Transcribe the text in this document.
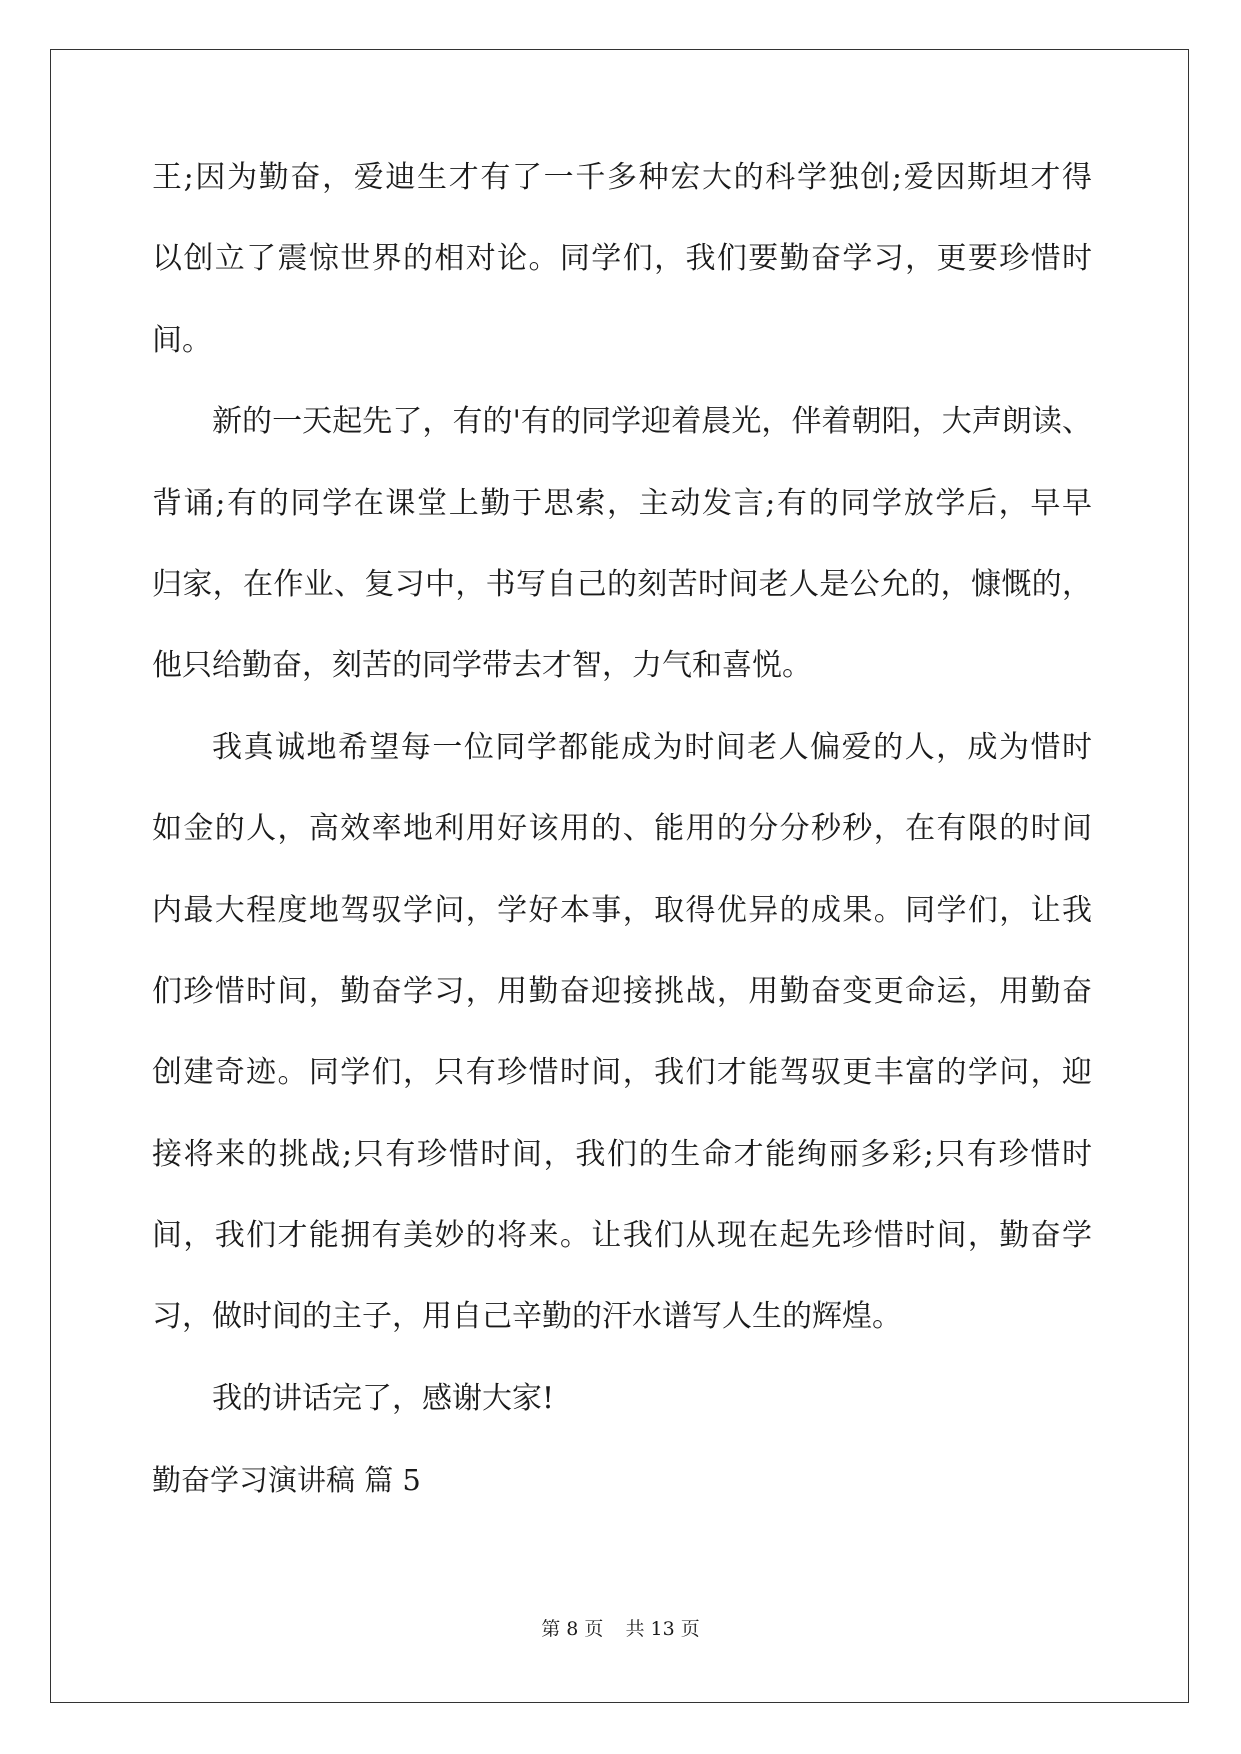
王;因为勤奋，爱迪生才有了一千多种宏大的科学独创;爱因斯坦才得
以创立了震惊世界的相对论。同学们，我们要勤奋学习，更要珍惜时
间。
新的一天起先了，有的'有的同学迎着晨光，伴着朝阳，大声朗读、
背诵;有的同学在课堂上勤于思索，主动发言;有的同学放学后，早早
归家，在作业、复习中，书写自己的刻苦时间老人是公允的，慷慨的，
他只给勤奋，刻苦的同学带去才智，力气和喜悦。
我真诚地希望每一位同学都能成为时间老人偏爱的人，成为惜时
如金的人，高效率地利用好该用的、能用的分分秒秒，在有限的时间
内最大程度地驾驭学问，学好本事，取得优异的成果。同学们，让我
们珍惜时间，勤奋学习，用勤奋迎接挑战，用勤奋变更命运，用勤奋
创建奇迹。同学们，只有珍惜时间，我们才能驾驭更丰富的学问，迎
接将来的挑战;只有珍惜时间，我们的生命才能绚丽多彩;只有珍惜时
间，我们才能拥有美妙的将来。让我们从现在起先珍惜时间，勤奋学
习，做时间的主子，用自己辛勤的汗水谱写人生的辉煌。
我的讲话完了，感谢大家!
勤奋学习演讲稿 篇 5
第 8 页 共 13 页
